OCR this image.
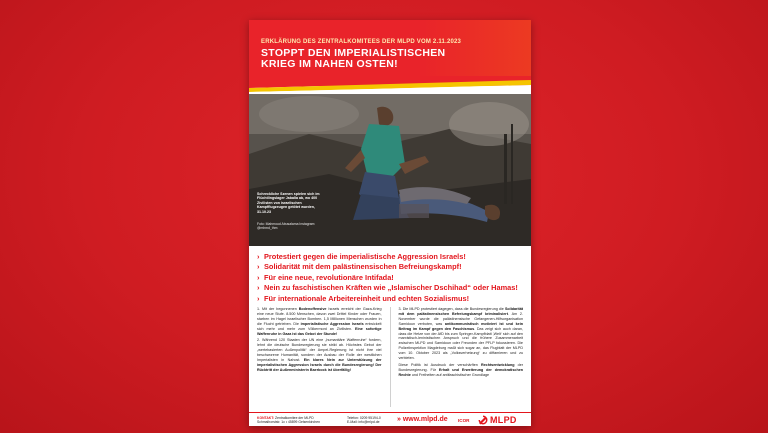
ERKLÄRUNG DES ZENTRALKOMITEES DER MLPD VOM 2.11.2023
STOPPT DEN IMPERIALISTISCHEN
KRIEG IM NAHEN OSTEN!
Schreckliche Szenen spielen sich im Flüchtlingslager Jabalia ab, wo 400 Zivilisten von israelischen Kampfflugzeugen getötet wurden, 31.10.23
Foto: Mahmoud Abusalama Instagram @mhmd_thm
› Protestiert gegen die imperialistische Aggression Israels!
› Solidarität mit dem palästinensischen Befreiungskampf!
› Für eine neue, revolutionäre Intifada!
› Nein zu faschistischen Kräften wie „Islamischer Dschihad“ oder Hamas!
› Für internationale Arbeitereinheit und echten Sozialismus!

1. Mit der begonnenen Bodenoffensive Israels erreicht der Gaza-Krieg eine neue Stufe. 8.500 Menschen, davon zwei Drittel Kinder oder Frauen, starben im Hagel israelischer Bomben. 1,5 Millionen Menschen wurden in die Flucht getrieben. Die imperialistische Aggression Israels entwickelt sich mehr und mehr zum Völkermord an Zivilisten. Eine sofortige Waffenruhe in Gaza ist das Gebot der Stunde!

2. Während 120 Staaten der UN eine „humanitäre Waffenruhe“ fordern, lehnt die deutsche Bundesregierung sie strikt ab. Höchstes Gebot der „wertebasierten Außenpolitik“ der Ampel-Regierung ist nicht ihre viel beschworene Humanität, sondern der Ausbau der Rolle der westlichen Imperialisten in Nahost. Ein klares Nein zur Unterstützung der imperialistischen Aggression Israels durch die Bundesregierung! Der Rücktritt der Außenministerin Baerbock ist überfällig!

3. Die MLPD protestiert dagegen, dass die Bundesregierung die Solidarität mit dem palästinensischen Befreiungskampf kriminalisiert. Am 2. November wurde die palästinensische Gefangenen-Hilfsorganisation Samidoun verboten, was antikommunistisch motiviert ist und kein Beitrag im Kampf gegen den Faschismus. Das zeigt sich auch daran, dass die Hetze von der AfD bis zum Springer-Kampfblatt ‚Welt‘ sich auf den marxistisch-leninistischen Anspruch und die frühere Zusammenarbeit zwischen MLPD und Samidoun oder Freunden der PFLP fokussieren. Die Polizeiinspektion Magdeburg maßt sich sogar an, das Flugblatt der MLPD vom 10. Oktober 2023 als „Volksverhetzung“ zu diffamieren und zu verbieten.

Diese Politik ist Ausdruck der verschärften Rechtsentwicklung der Bundesregierung. Für Erhalt und Erweiterung der demokratischen Rechte und Freiheiten auf antifaschistischer Grundlage

KONTAKT: Zentralkomitee der MLPD
Schmalhorststr. 1c • 45899 Gelsenkirchen
Telefon: 0209 95194-0
E-Mail: info@mlpd.de	» www.mlpd.de ICOR MLPD
